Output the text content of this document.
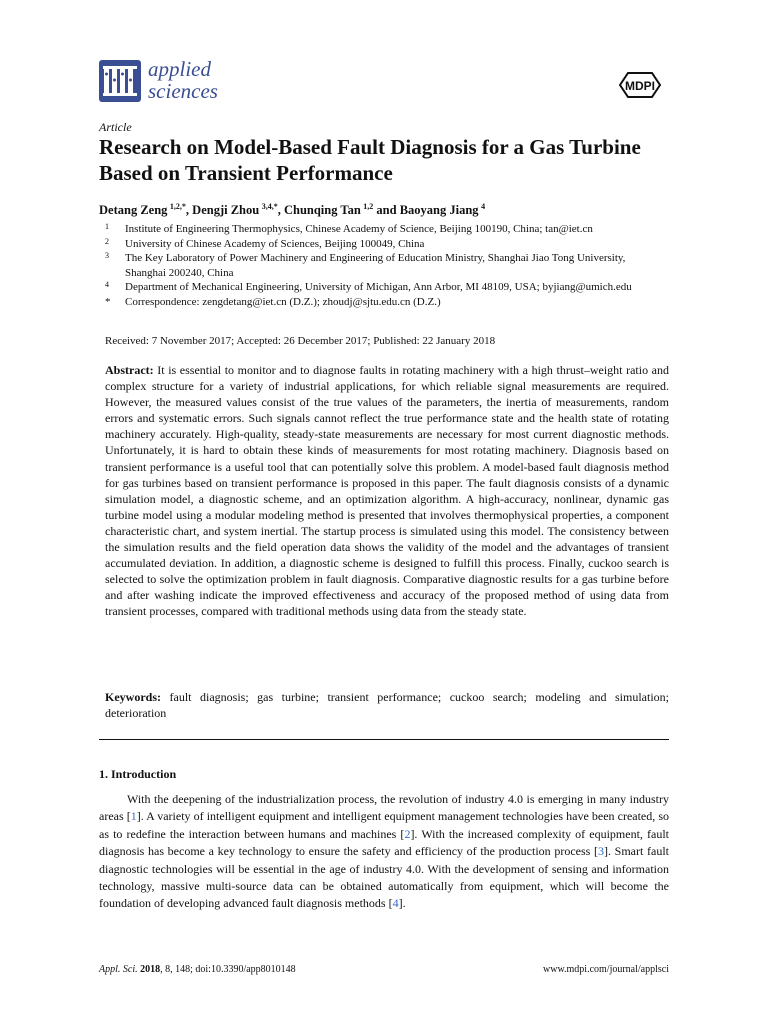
applied
sciences	MDPI
Article
Research on Model-Based Fault Diagnosis for a Gas Turbine Based on Transient Performance
Detang Zeng  $^{1,2,*}$, Dengji Zhou  $^{3,4,*}$, Chunqing Tan  $^{1,2}$ and Baoyang Jiang  $^4$
1 Institute of Engineering Thermophysics, Chinese Academy of Science, Beijing 100190, China; tan@iet.cn
2 University of Chinese Academy of Sciences, Beijing 100049, China
3 The Key Laboratory of Power Machinery and Engineering of Education Ministry, Shanghai Jiao Tong University, Shanghai 200240, China
4 Department of Mechanical Engineering, University of Michigan, Ann Arbor, MI 48109, USA; byjiang@umich.edu
* Correspondence: zengdetang@iet.cn (D.Z.); zhoudj@sjtu.edu.cn (D.Z.)
Received: 7 November 2017; Accepted: 26 December 2017; Published: 22 January 2018

Abstract: It is essential to monitor and to diagnose faults in rotating machinery with a high thrust–weight ratio and complex structure for a variety of industrial applications, for which reliable signal measurements are required. However, the measured values consist of the true values of the parameters, the inertia of measurements, random errors and systematic errors. Such signals cannot reflect the true performance state and the health state of rotating machinery accurately. High-quality, steady-state measurements are necessary for most current diagnostic methods. Unfortunately, it is hard to obtain these kinds of measurements for most rotating machinery. Diagnosis based on transient performance is a useful tool that can potentially solve this problem. A model-based fault diagnosis method for gas turbines based on transient performance is proposed in this paper. The fault diagnosis consists of a dynamic simulation model, a diagnostic scheme, and an optimization algorithm. A high-accuracy, nonlinear, dynamic gas turbine model using a modular modeling method is presented that involves thermophysical properties, a component characteristic chart, and system inertial. The startup process is simulated using this model. The consistency between the simulation results and the field operation data shows the validity of the model and the advantages of transient accumulated deviation. In addition, a diagnostic scheme is designed to fulfill this process. Finally, cuckoo search is selected to solve the optimization problem in fault diagnosis. Comparative diagnostic results for a gas turbine before and after washing indicate the improved effectiveness and accuracy of the proposed method of using data from transient processes, compared with traditional methods using data from the steady state.

Keywords: fault diagnosis; gas turbine; transient performance; cuckoo search; modeling and simulation; deterioration

1. Introduction

With the deepening of the industrialization process, the revolution of industry 4.0 is emerging in many industry areas [1]. A variety of intelligent equipment and intelligent equipment management technologies have been created, so as to redefine the interaction between humans and machines [2]. With the increased complexity of equipment, fault diagnosis has become a key technology to ensure the safety and efficiency of the production process [3]. Smart fault diagnostic technologies will be essential in the age of industry 4.0. With the development of sensing and information technology, massive multi-source data can be obtained automatically from equipment, which will become the foundation of developing advanced fault diagnosis methods [4].

Appl. Sci. 2018, 8, 148; doi:10.3390/app8010148	www.mdpi.com/journal/applsci
